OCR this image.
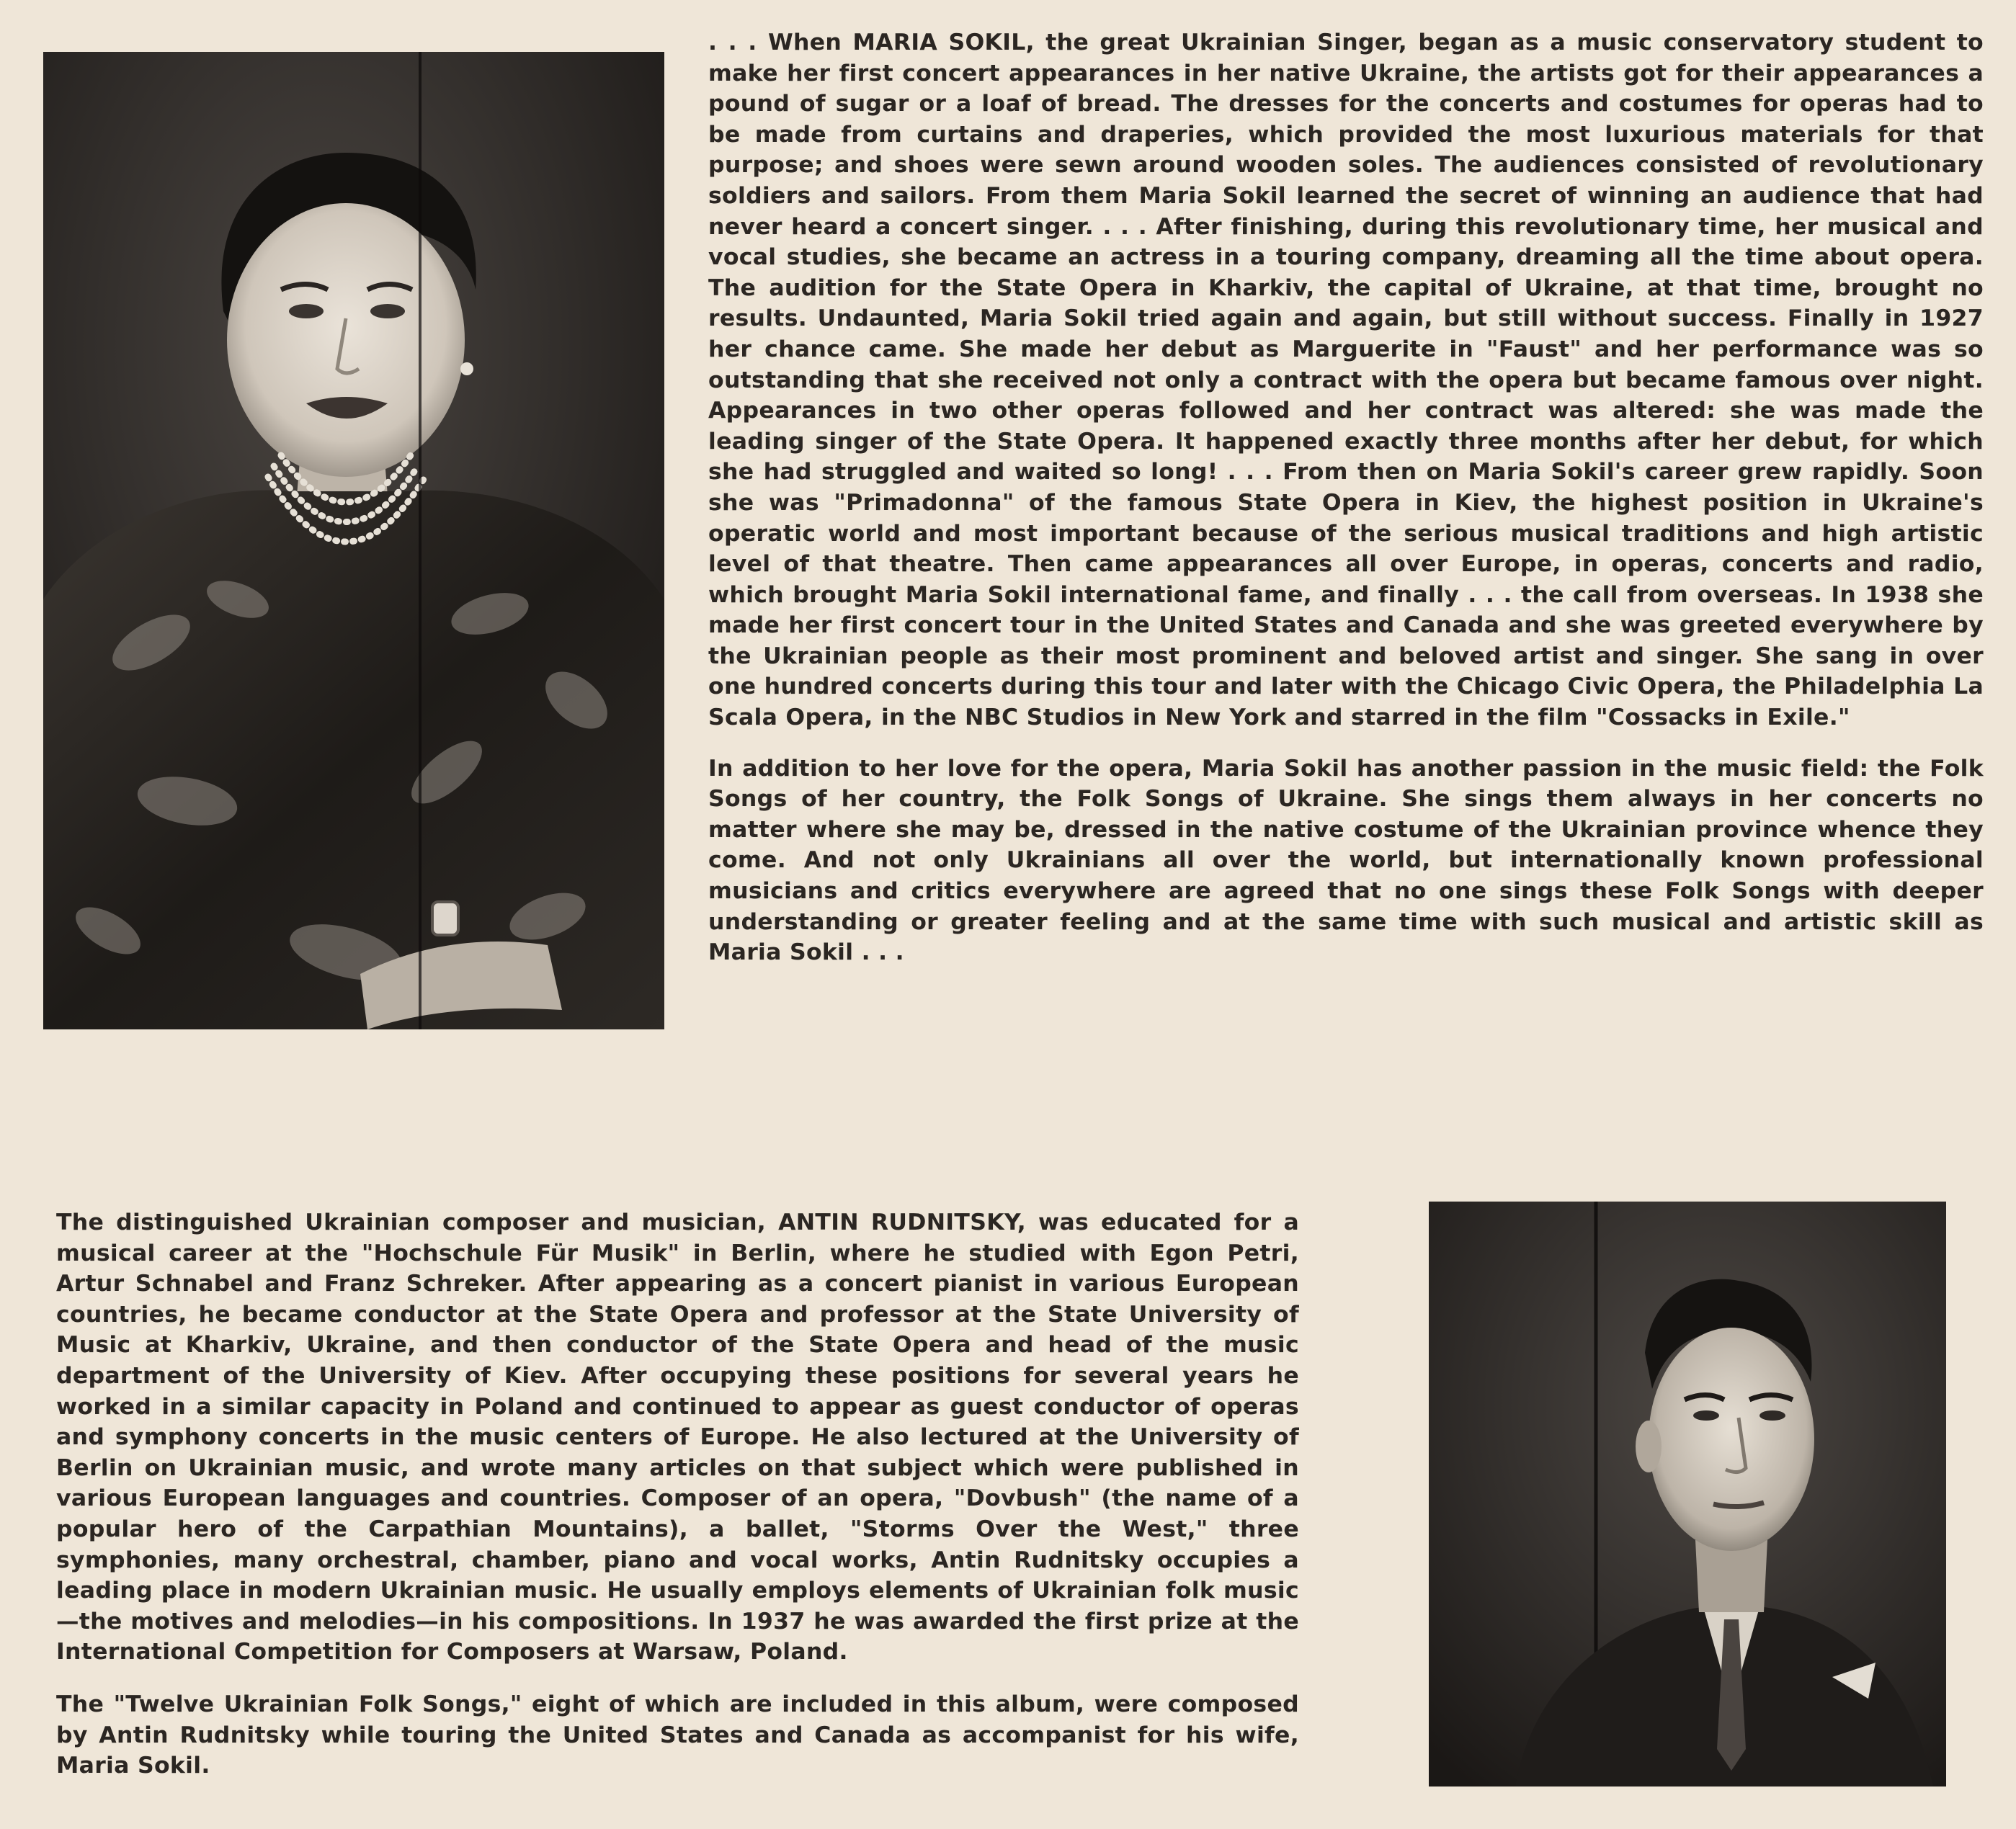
. . . When MARIA SOKIL, the great Ukrainian Singer, began as a music conservatory student to make her first concert appearances in her native Ukraine, the artists got for their appearances a pound of sugar or a loaf of bread. The dresses for the concerts and costumes for operas had to be made from curtains and draperies, which provided the most luxurious materials for that purpose; and shoes were sewn around wooden soles. The audiences consisted of revolutionary soldiers and sailors. From them Maria Sokil learned the secret of winning an audience that had never heard a concert singer. . . . After finishing, during this revolutionary time, her musical and vocal studies, she became an actress in a touring company, dreaming all the time about opera. The audition for the State Opera in Kharkiv, the capital of Ukraine, at that time, brought no results. Undaunted, Maria Sokil tried again and again, but still without success. Finally in 1927 her chance came. She made her debut as Marguerite in "Faust" and her performance was so outstanding that she received not only a contract with the opera but became famous over night. Appearances in two other operas followed and her contract was altered: she was made the leading singer of the State Opera. It happened exactly three months after her debut, for which she had struggled and waited so long! . . . From then on Maria Sokil's career grew rapidly. Soon she was "Primadonna" of the famous State Opera in Kiev, the highest position in Ukraine's operatic world and most important because of the serious musical traditions and high artistic level of that theatre. Then came appearances all over Europe, in operas, concerts and radio, which brought Maria Sokil international fame, and finally . . . the call from overseas. In 1938 she made her first concert tour in the United States and Canada and she was greeted everywhere by the Ukrainian people as their most prominent and beloved artist and singer. She sang in over one hundred concerts during this tour and later with the Chicago Civic Opera, the Philadelphia La Scala Opera, in the NBC Studios in New York and starred in the film "Cossacks in Exile."

In addition to her love for the opera, Maria Sokil has another passion in the music field: the Folk Songs of her country, the Folk Songs of Ukraine. She sings them always in her concerts no matter where she may be, dressed in the native costume of the Ukrainian province whence they come. And not only Ukrainians all over the world, but internationally known professional musicians and critics everywhere are agreed that no one sings these Folk Songs with deeper understanding or greater feeling and at the same time with such musical and artistic skill as Maria Sokil . . .

The distinguished Ukrainian composer and musician, ANTIN RUDNITSKY, was educated for a musical career at the "Hochschule Für Musik" in Berlin, where he studied with Egon Petri, Artur Schnabel and Franz Schreker. After appearing as a concert pianist in various European countries, he became conductor at the State Opera and professor at the State University of Music at Kharkiv, Ukraine, and then conductor of the State Opera and head of the music department of the University of Kiev. After occupying these positions for several years he worked in a similar capacity in Poland and continued to appear as guest conductor of operas and symphony concerts in the music centers of Europe. He also lectured at the University of Berlin on Ukrainian music, and wrote many articles on that subject which were published in various European languages and countries. Composer of an opera, "Dovbush" (the name of a popular hero of the Carpathian Mountains), a ballet, "Storms Over the West," three symphonies, many orchestral, chamber, piano and vocal works, Antin Rudnitsky occupies a leading place in modern Ukrainian music. He usually employs elements of Ukrainian folk music—the motives and melodies—in his compositions. In 1937 he was awarded the first prize at the International Competition for Composers at Warsaw, Poland.

The "Twelve Ukrainian Folk Songs," eight of which are included in this album, were composed by Antin Rudnitsky while touring the United States and Canada as accompanist for his wife, Maria Sokil.
